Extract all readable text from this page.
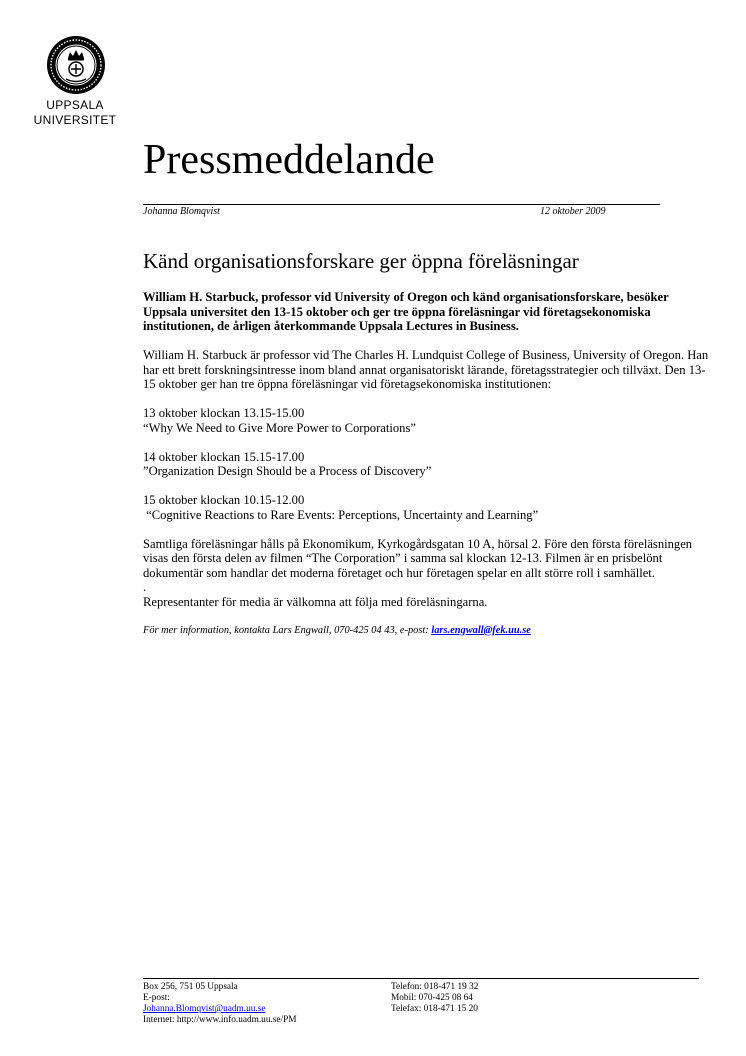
UPPSALA
UNIVERSITET
Pressmeddelande
Johanna Blomqvist	12 oktober 2009
Känd organisationsforskare ger öppna föreläsningar

William H. Starbuck, professor vid University of Oregon och känd organisationsforskare, besöker Uppsala universitet den 13-15 oktober och ger tre öppna föreläsningar vid företagsekonomiska institutionen, de årligen återkommande Uppsala Lectures in Business.

William H. Starbuck är professor vid The Charles H. Lundquist College of Business, University of Oregon. Han har ett brett forskningsintresse inom bland annat organisatoriskt lärande, företagsstrategier och tillväxt. Den 13-15 oktober ger han tre öppna föreläsningar vid företagsekonomiska institutionen:

13 oktober klockan 13.15-15.00
“Why We Need to Give More Power to Corporations”

14 oktober klockan 15.15-17.00
”Organization Design Should be a Process of Discovery”

15 oktober klockan 10.15-12.00
“Cognitive Reactions to Rare Events: Perceptions, Uncertainty and Learning”

Samtliga föreläsningar hålls på Ekonomikum, Kyrkogårdsgatan 10 A, hörsal 2. Före den första föreläsningen visas den första delen av filmen “The Corporation” i samma sal klockan 12-13. Filmen är en prisbelönt dokumentär som handlar det moderna företaget och hur företagen spelar en allt större roll i samhället.

.

Representanter för media är välkomna att följa med föreläsningarna.

För mer information, kontakta Lars Engwall, 070-425 04 43, e-post: lars.engwall@fek.uu.se

Box 256, 751 05 Uppsala
E-post:
Johanna.Blomqvist@uadm.uu.se
Internet: http://www.info.uadm.uu.se/PM
Telefon: 018-471 19 32
Mobil: 070-425 08 64
Telefax: 018-471 15 20
